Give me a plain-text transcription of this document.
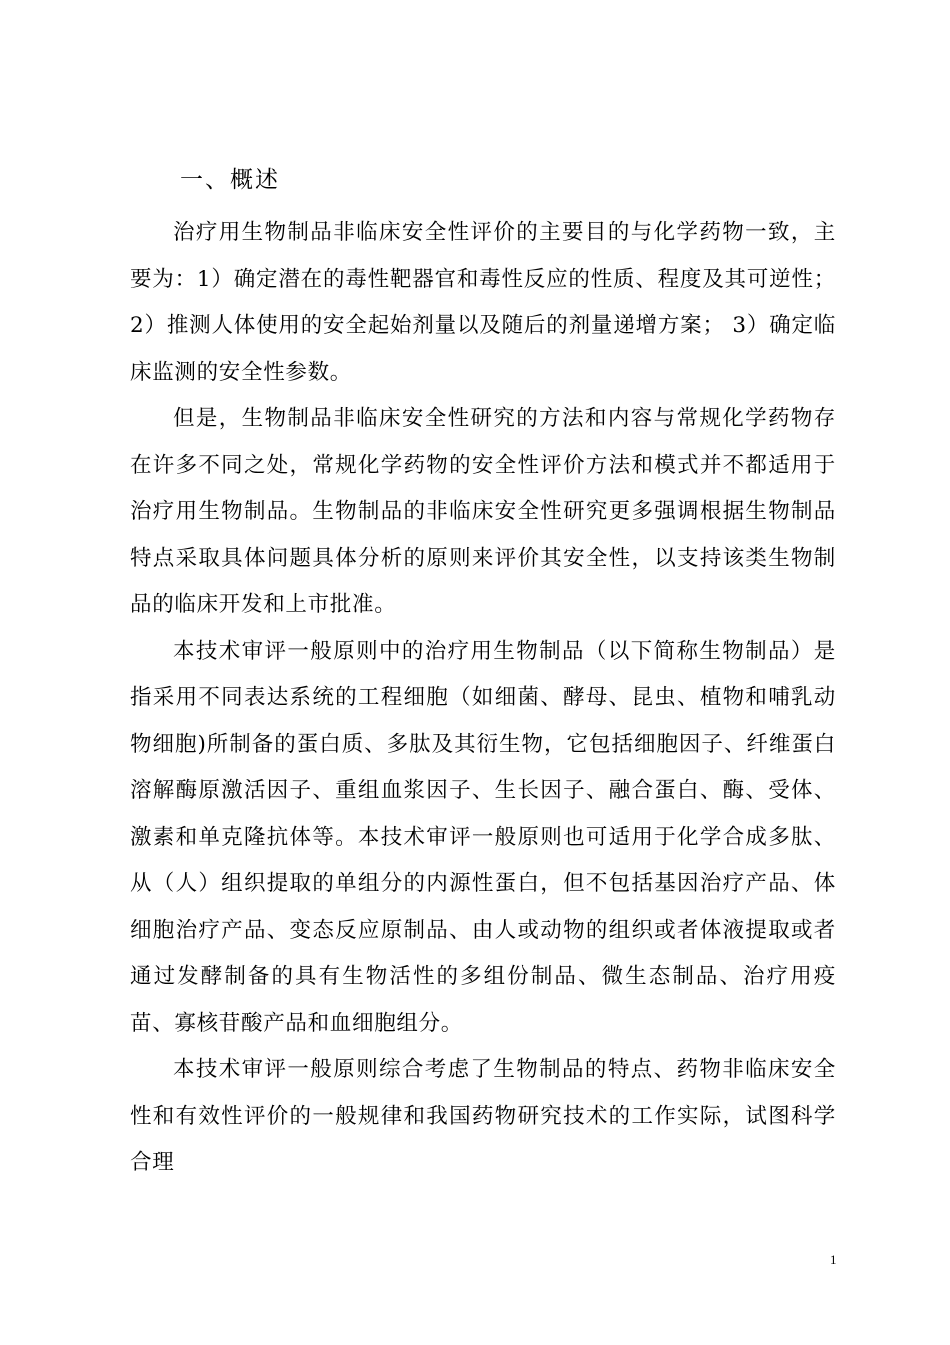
一、概述

治疗用生物制品非临床安全性评价的主要目的与化学药物一致，主要为：1）确定潜在的毒性靶器官和毒性反应的性质、程度及其可逆性； 2）推测人体使用的安全起始剂量以及随后的剂量递增方案； 3）确定临床监测的安全性参数。

但是，生物制品非临床安全性研究的方法和内容与常规化学药物存在许多不同之处，常规化学药物的安全性评价方法和模式并不都适用于治疗用生物制品。生物制品的非临床安全性研究更多强调根据生物制品特点采取具体问题具体分析的原则来评价其安全性，以支持该类生物制品的临床开发和上市批准。

本技术审评一般原则中的治疗用生物制品（以下简称生物制品）是指采用不同表达系统的工程细胞（如细菌、酵母、昆虫、植物和哺乳动物细胞)所制备的蛋白质、多肽及其衍生物，它包括细胞因子、纤维蛋白溶解酶原激活因子、重组血浆因子、生长因子、融合蛋白、酶、受体、激素和单克隆抗体等。本技术审评一般原则也可适用于化学合成多肽、从（人）组织提取的单组分的内源性蛋白，但不包括基因治疗产品、体细胞治疗产品、变态反应原制品、由人或动物的组织或者体液提取或者通过发酵制备的具有生物活性的多组份制品、微生态制品、治疗用疫苗、寡核苷酸产品和血细胞组分。

本技术审评一般原则综合考虑了生物制品的特点、药物非临床安全性和有效性评价的一般规律和我国药物研究技术的工作实际，试图科学合理

1
